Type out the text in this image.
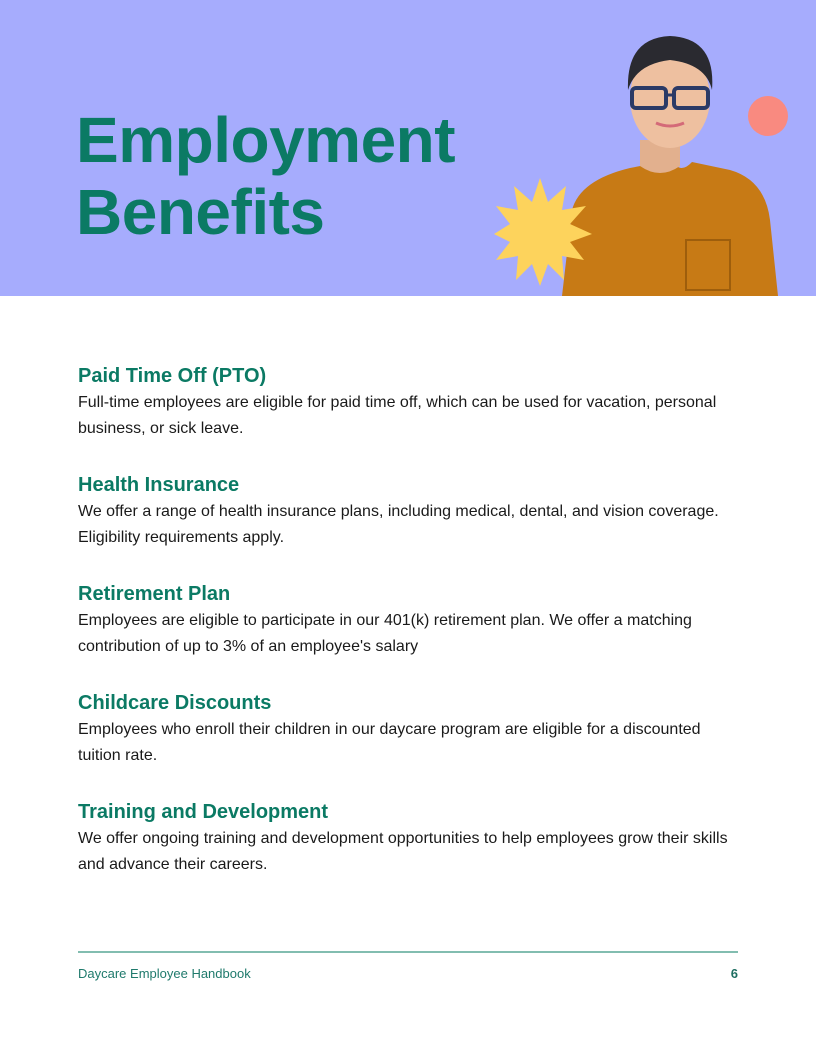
Employment
Benefits
Paid Time Off (PTO)

Full-time employees are eligible for paid time off, which can be used for vacation, personal business, or sick leave.

Health Insurance

We offer a range of health insurance plans, including medical, dental, and vision coverage. Eligibility requirements apply.

Retirement Plan

Employees are eligible to participate in our 401(k) retirement plan. We offer a matching contribution of up to 3% of an employee's salary

Childcare Discounts

Employees who enroll their children in our daycare program are eligible for a discounted tuition rate.

Training and Development

We offer ongoing training and development opportunities to help employees grow their skills and advance their careers.

Daycare Employee Handbook	6
